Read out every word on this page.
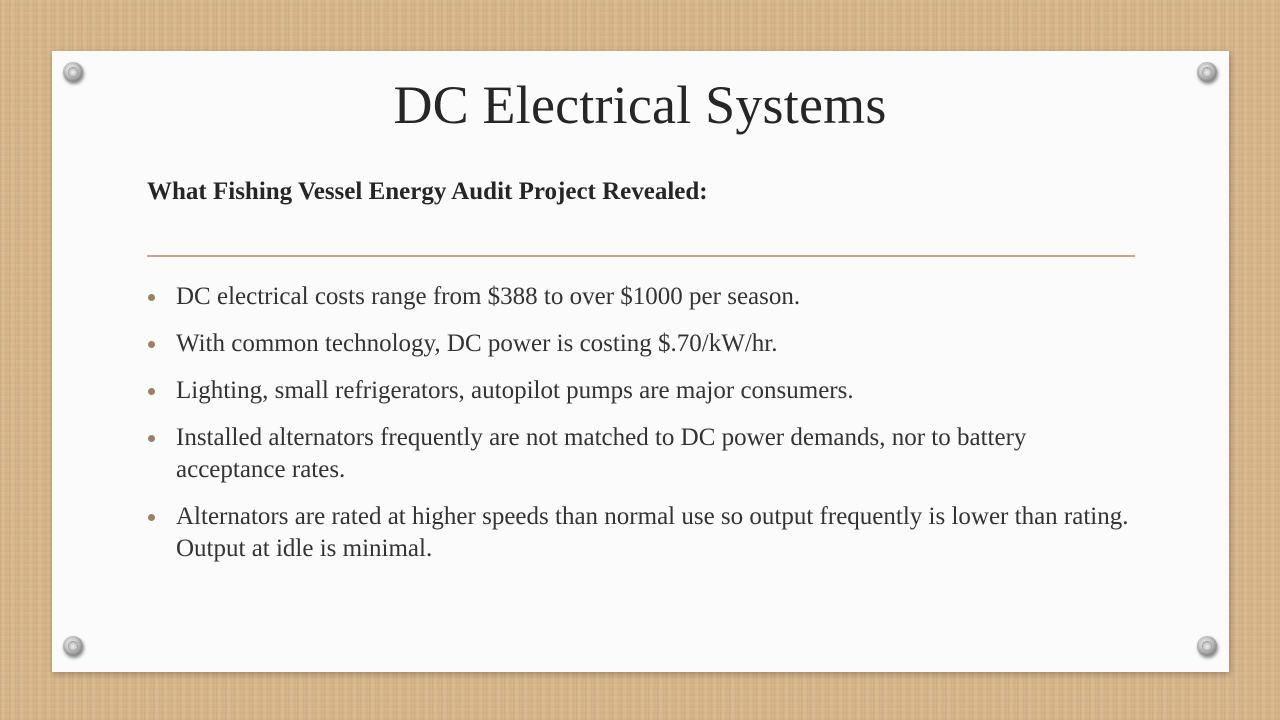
DC Electrical Systems

What Fishing Vessel Energy Audit Project Revealed:

DC electrical costs range from $388 to over $1000 per season.
With common technology, DC power is costing $.70/kW/hr.
Lighting, small refrigerators, autopilot pumps are major consumers.
Installed alternators frequently are not matched to DC power demands, nor to battery acceptance rates.
Alternators are rated at higher speeds than normal use so output frequently is lower than rating. Output at idle is minimal.
